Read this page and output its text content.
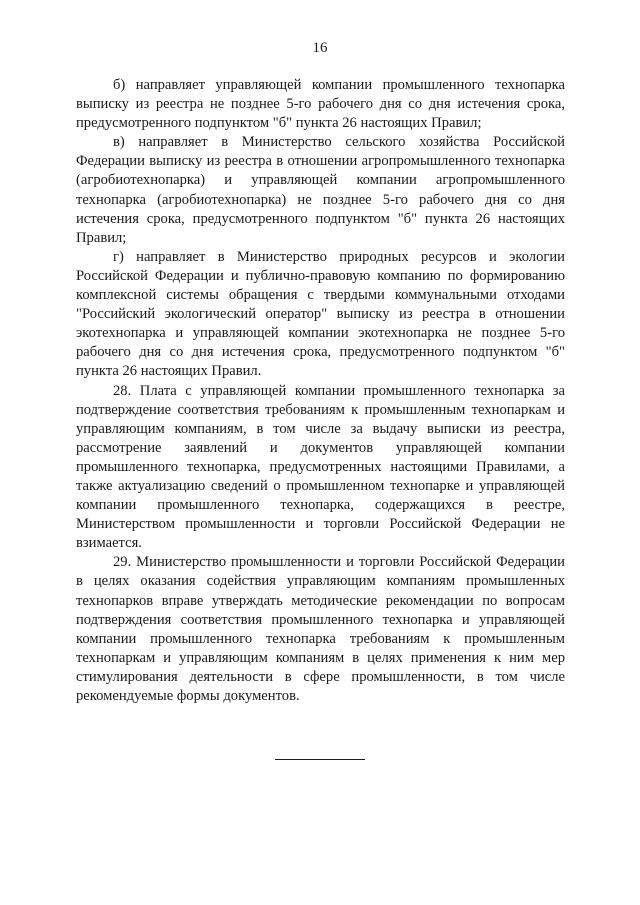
16

б) направляет управляющей компании промышленного технопарка выписку из реестра не позднее 5-го рабочего дня со дня истечения срока, предусмотренного подпунктом "б" пункта 26 настоящих Правил;

в) направляет в Министерство сельского хозяйства Российской Федерации выписку из реестра в отношении агропромышленного технопарка (агробиотехнопарка) и управляющей компании агропромышленного технопарка (агробиотехнопарка) не позднее 5-го рабочего дня со дня истечения срока, предусмотренного подпунктом "б" пункта 26 настоящих Правил;

г) направляет в Министерство природных ресурсов и экологии Российской Федерации и публично-правовую компанию по формированию комплексной системы обращения с твердыми коммунальными отходами "Российский экологический оператор" выписку из реестра в отношении экотехнопарка и управляющей компании экотехнопарка не позднее 5-го рабочего дня со дня истечения срока, предусмотренного подпунктом "б" пункта 26 настоящих Правил.

28. Плата с управляющей компании промышленного технопарка за подтверждение соответствия требованиям к промышленным технопаркам и управляющим компаниям, в том числе за выдачу выписки из реестра, рассмотрение заявлений и документов управляющей компании промышленного технопарка, предусмотренных настоящими Правилами, а также актуализацию сведений о промышленном технопарке и управляющей компании промышленного технопарка, содержащихся в реестре, Министерством промышленности и торговли Российской Федерации не взимается.

29. Министерство промышленности и торговли Российской Федерации в целях оказания содействия управляющим компаниям промышленных технопарков вправе утверждать методические рекомендации по вопросам подтверждения соответствия промышленного технопарка и управляющей компании промышленного технопарка требованиям к промышленным технопаркам и управляющим компаниям в целях применения к ним мер стимулирования деятельности в сфере промышленности, в том числе рекомендуемые формы документов.
